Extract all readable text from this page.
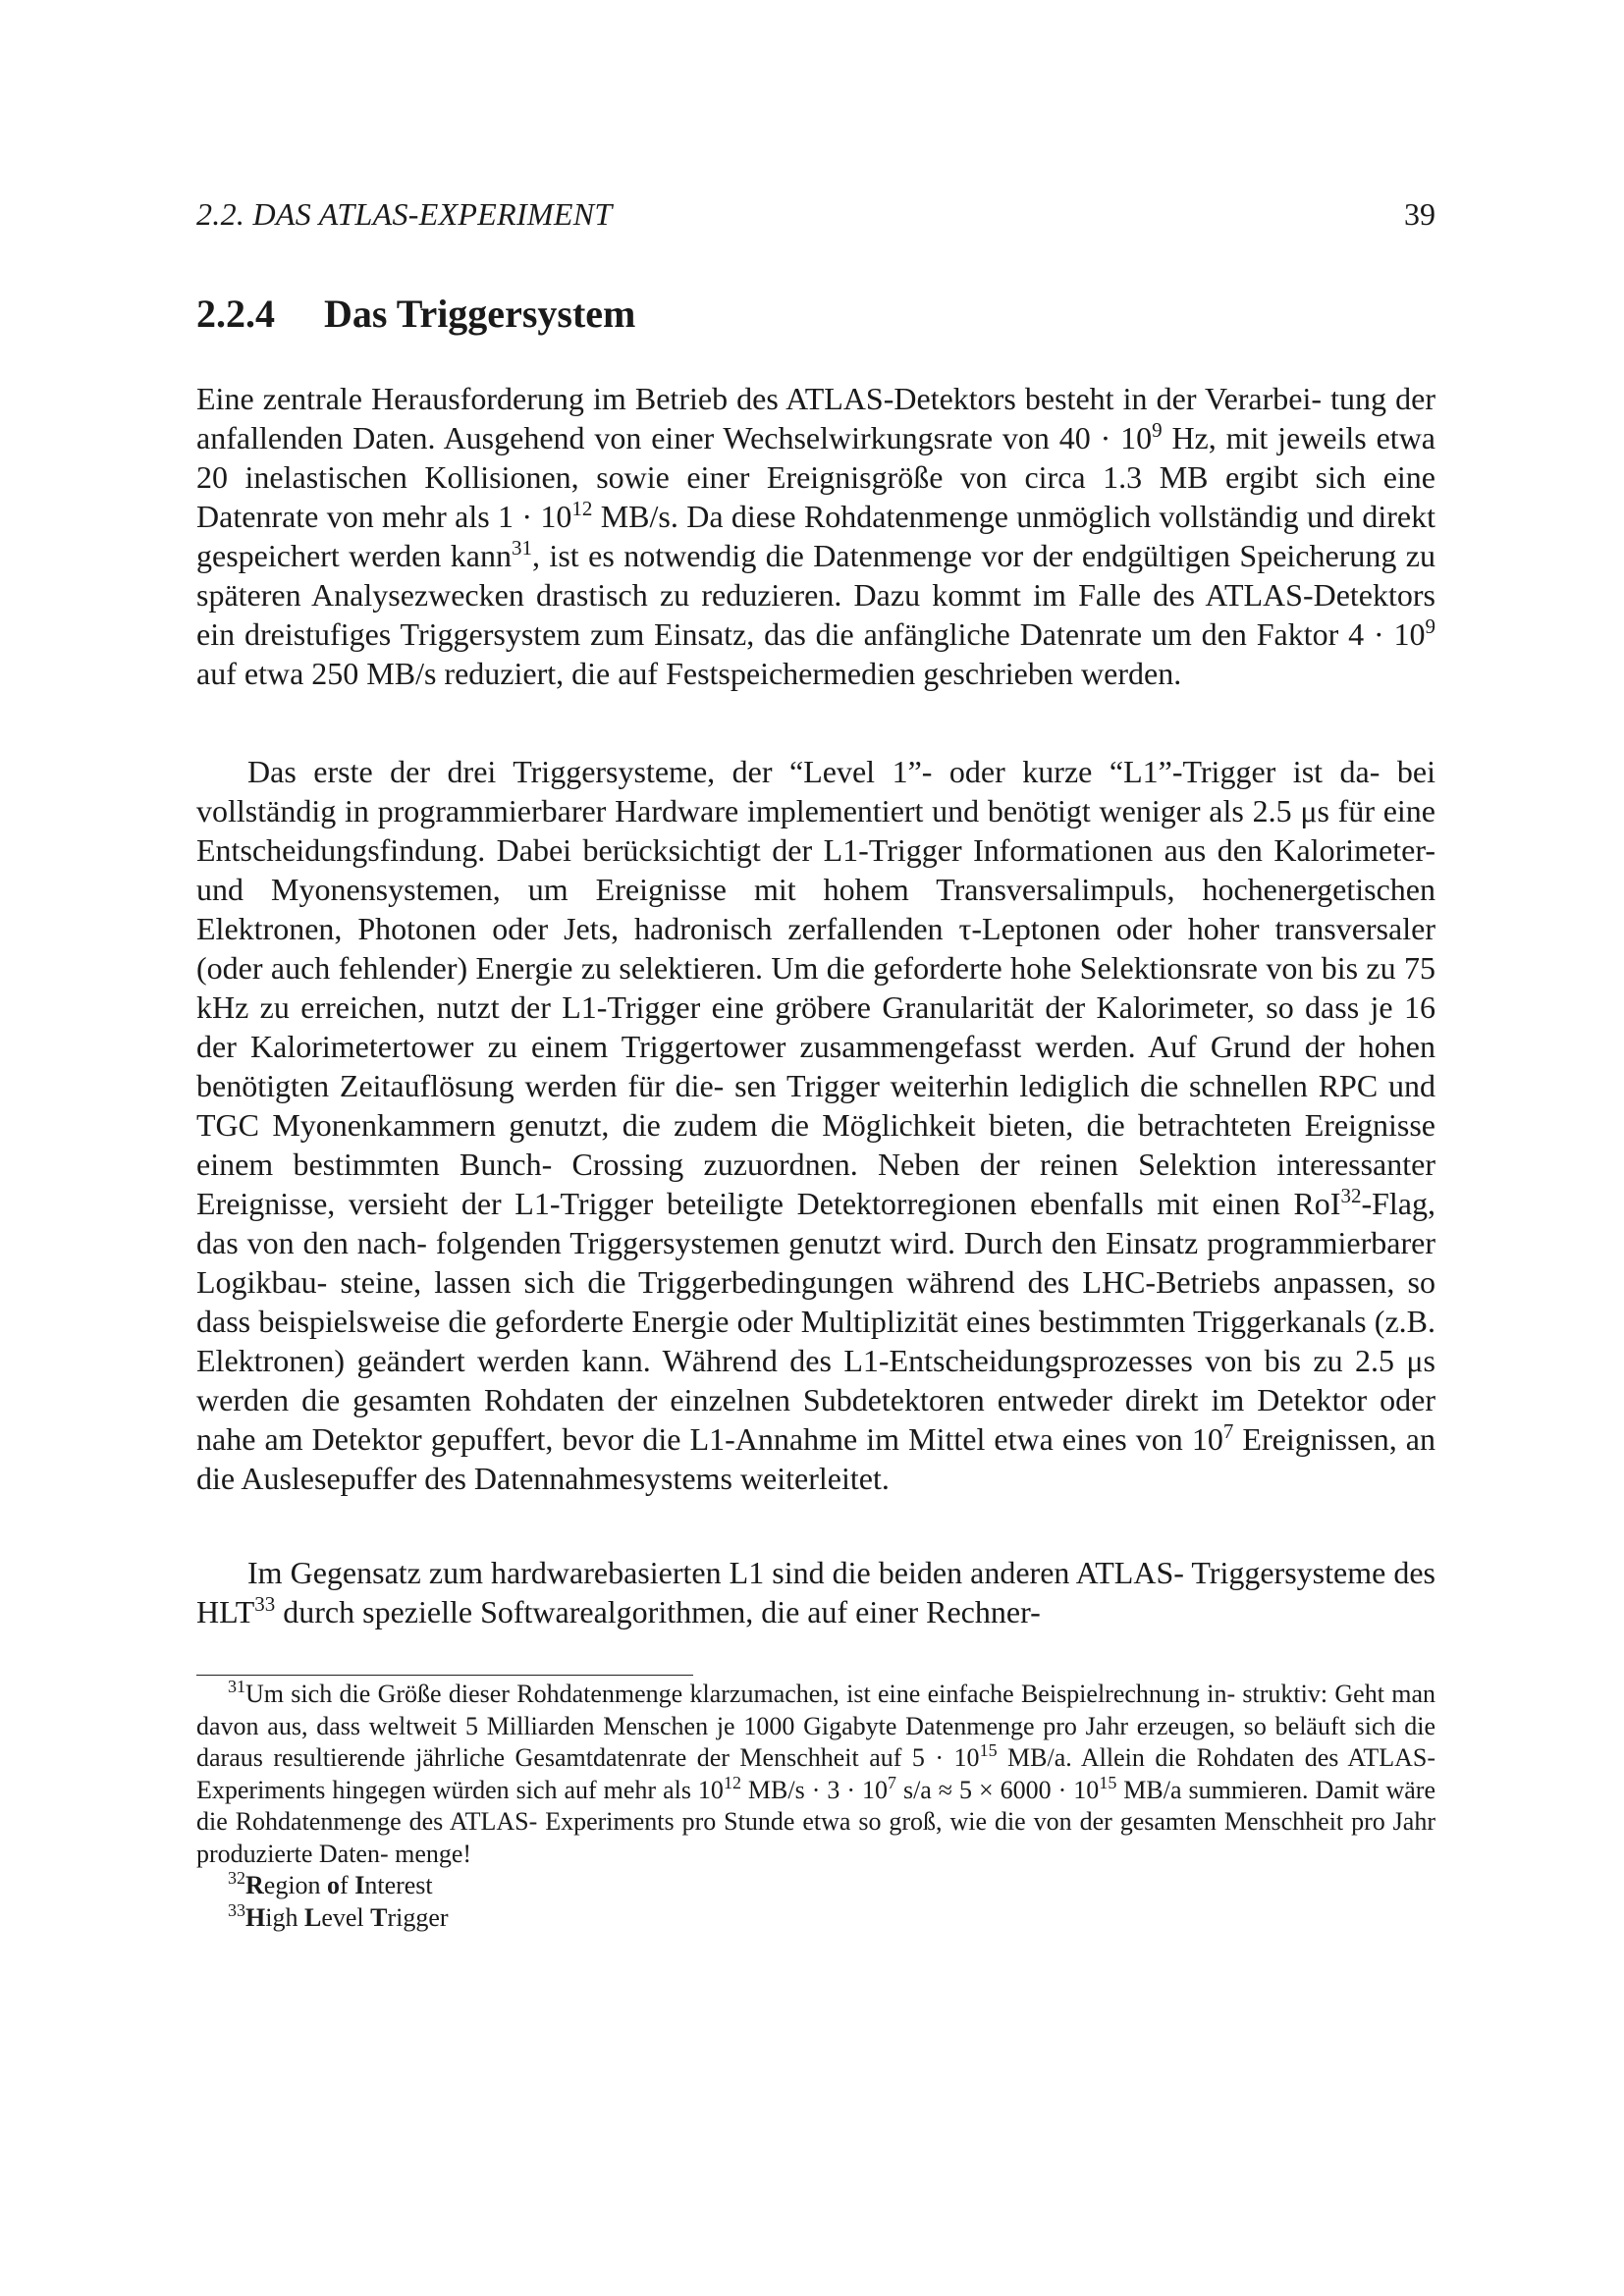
2.2. DAS ATLAS-EXPERIMENT	39
2.2.4 Das Triggersystem

Eine zentrale Herausforderung im Betrieb des ATLAS-Detektors besteht in der Verarbei- tung der anfallenden Daten. Ausgehend von einer Wechselwirkungsrate von $40 \cdot 10^9$ Hz, mit jeweils etwa 20 inelastischen Kollisionen, sowie einer Ereignisgröße von circa 1.3 MB ergibt sich eine Datenrate von mehr als $1 \cdot 10^{12}$ MB/s. Da diese Rohdatenmenge unmöglich vollständig und direkt gespeichert werden kann$^{31}$, ist es notwendig die Datenmenge vor der endgültigen Speicherung zu späteren Analysezwecken drastisch zu reduzieren. Dazu kommt im Falle des ATLAS-Detektors ein dreistufiges Triggersystem zum Einsatz, das die anfängliche Datenrate um den Faktor $4 \cdot 10^9$ auf etwa 250 MB/s reduziert, die auf Festspeichermedien geschrieben werden.

Das erste der drei Triggersysteme, der “Level 1”- oder kurze “L1”-Trigger ist da- bei vollständig in programmierbarer Hardware implementiert und benötigt weniger als 2.5 μs für eine Entscheidungsfindung. Dabei berücksichtigt der L1-Trigger Informationen aus den Kalorimeter- und Myonensystemen, um Ereignisse mit hohem Transversalimpuls, hochenergetischen Elektronen, Photonen oder Jets, hadronisch zerfallenden τ-Leptonen oder hoher transversaler (oder auch fehlender) Energie zu selektieren. Um die geforderte hohe Selektionsrate von bis zu 75 kHz zu erreichen, nutzt der L1-Trigger eine gröbere Granularität der Kalorimeter, so dass je 16 der Kalorimetertower zu einem Triggertower zusammengefasst werden. Auf Grund der hohen benötigten Zeitauflösung werden für die- sen Trigger weiterhin lediglich die schnellen RPC und TGC Myonenkammern genutzt, die zudem die Möglichkeit bieten, die betrachteten Ereignisse einem bestimmten Bunch- Crossing zuzuordnen. Neben der reinen Selektion interessanter Ereignisse, versieht der L1-Trigger beteiligte Detektorregionen ebenfalls mit einen RoI$^{32}$-Flag, das von den nach- folgenden Triggersystemen genutzt wird. Durch den Einsatz programmierbarer Logikbau- steine, lassen sich die Triggerbedingungen während des LHC-Betriebs anpassen, so dass beispielsweise die geforderte Energie oder Multiplizität eines bestimmten Triggerkanals (z.B. Elektronen) geändert werden kann. Während des L1-Entscheidungsprozesses von bis zu 2.5 μs werden die gesamten Rohdaten der einzelnen Subdetektoren entweder direkt im Detektor oder nahe am Detektor gepuffert, bevor die L1-Annahme im Mittel etwa eines von $10^7$ Ereignissen, an die Auslesepuffer des Datennahmesystems weiterleitet.

Im Gegensatz zum hardwarebasierten L1 sind die beiden anderen ATLAS- Triggersysteme des HLT$^{33}$ durch spezielle Softwarealgorithmen, die auf einer Rechner-

$^{31}$Um sich die Größe dieser Rohdatenmenge klarzumachen, ist eine einfache Beispielrechnung in- struktiv: Geht man davon aus, dass weltweit 5 Milliarden Menschen je 1000 Gigabyte Datenmenge pro Jahr erzeugen, so beläuft sich die daraus resultierende jährliche Gesamtdatenrate der Menschheit auf $5 \cdot 10^{15}$ MB/a. Allein die Rohdaten des ATLAS-Experiments hingegen würden sich auf mehr als $10^{12}$ $MB/s \cdot 3 \cdot 10^7$ $s/a \approx 5 \times 6000 \cdot 10^{15}$ MB/a summieren. Damit wäre die Rohdatenmenge des ATLAS- Experiments pro Stunde etwa so groß, wie die von der gesamten Menschheit pro Jahr produzierte Daten- menge!

$^{32}$Region of Interest

$^{33}$High Level Trigger
